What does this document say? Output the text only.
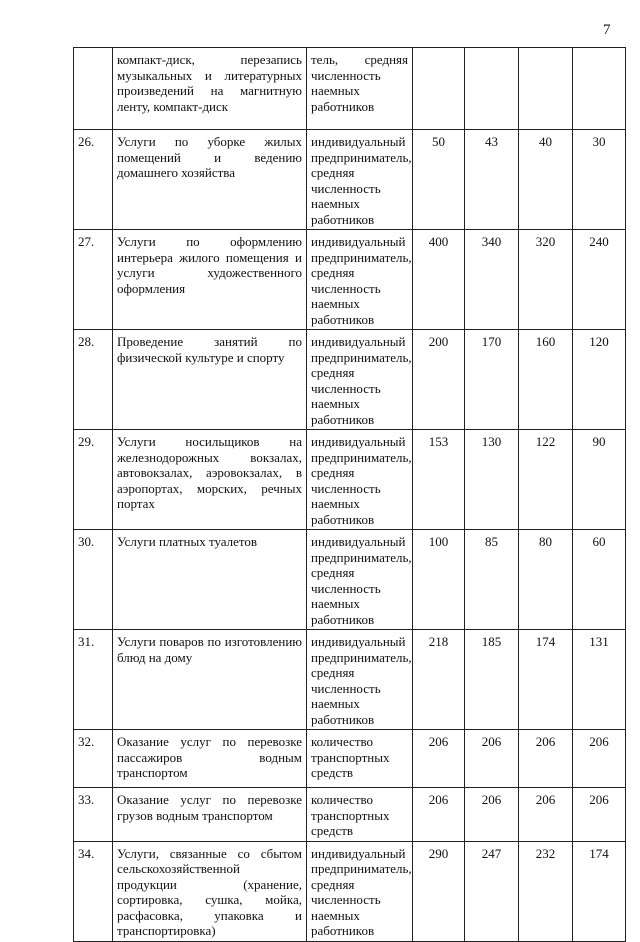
7
	компакт-диск, перезапись музыкальных и литературных произведений на магнитную ленту, компакт-диск	тель, средняя численность наемных работников				
26.	Услуги по уборке жилых помещений и ведению домашнего хозяйства	индивидуальный предприниматель, средняя численность наемных работников	50	43	40	30
27.	Услуги по оформлению интерьера жилого помещения и услуги художественного оформления	индивидуальный предприниматель, средняя численность наемных работников	400	340	320	240
28.	Проведение занятий по физической культуре и спорту	индивидуальный предприниматель, средняя численность наемных работников	200	170	160	120
29.	Услуги носильщиков на железнодорожных вокзалах, автовокзалах, аэровокзалах, в аэропортах, морских, речных портах	индивидуальный предприниматель, средняя численность наемных работников	153	130	122	90
30.	Услуги платных туалетов	индивидуальный предприниматель, средняя численность наемных работников	100	85	80	60
31.	Услуги поваров по изготовлению блюд на дому	индивидуальный предприниматель, средняя численность наемных работников	218	185	174	131
32.	Оказание услуг по перевозке пассажиров водным транспортом	количество транспортных средств	206	206	206	206
33.	Оказание услуг по перевозке грузов водным транспортом	количество транспортных средств	206	206	206	206
34.	Услуги, связанные со сбытом сельскохозяйственной продукции (хранение, сортировка, сушка, мойка, расфасовка, упаковка и транспортировка)	индивидуальный предприниматель, средняя численность наемных работников	290	247	232	174
